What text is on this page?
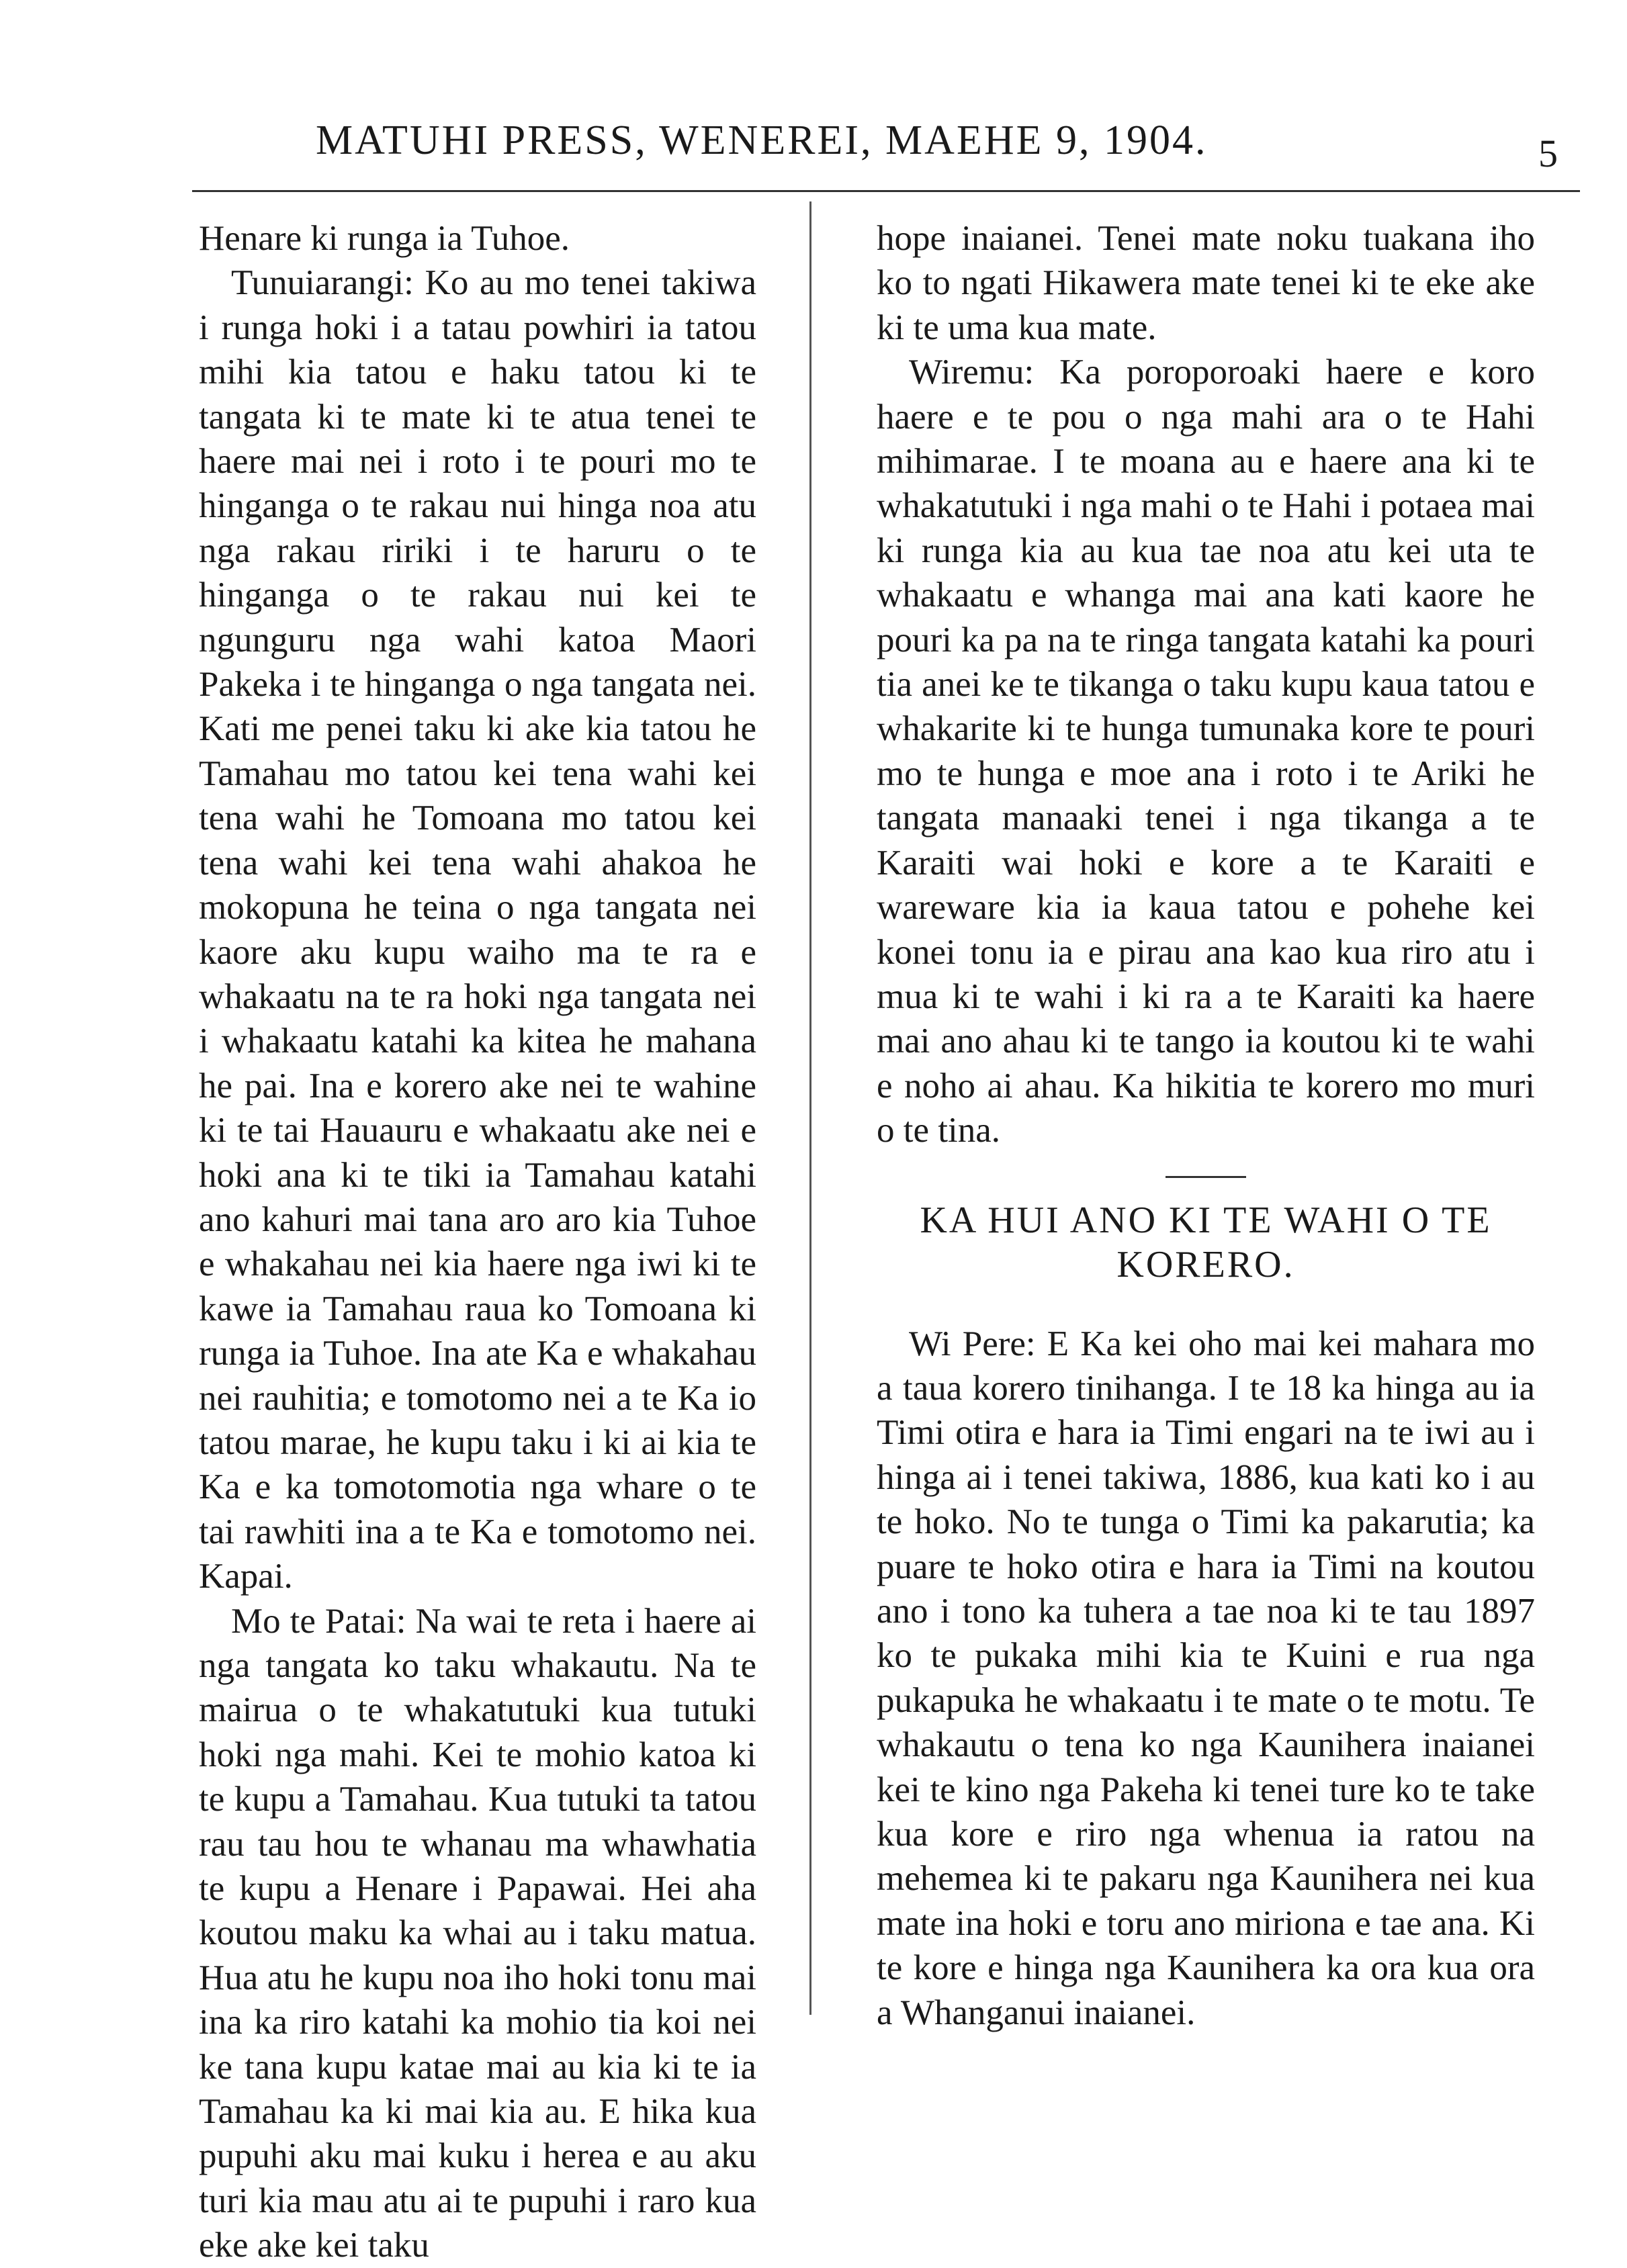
MATUHI PRESS, WENEREI, MAEHE 9, 1904.	5

Henare ki runga ia Tuhoe.

Tunuiarangi: Ko au mo tenei takiwa i runga hoki i a tatau powhiri ia tatou mihi kia tatou e haku tatou ki te tangata ki te mate ki te atua tenei te haere mai nei i roto i te pouri mo te hinganga o te rakau nui hinga noa atu nga rakau ririki i te haruru o te hinganga o te rakau nui kei te ngunguru nga wahi katoa Maori Pakeka i te hinganga o nga tangata nei. Kati me penei taku ki ake kia tatou he Tamahau mo tatou kei tena wahi kei tena wahi he Tomoana mo tatou kei tena wahi kei tena wahi ahakoa he mokopuna he teina o nga tangata nei kaore aku kupu waiho ma te ra e whakaatu na te ra hoki nga tangata nei i whakaatu katahi ka kitea he mahana he pai. Ina e korero ake nei te wahine ki te tai Hauauru e whakaatu ake nei e hoki ana ki te tiki ia Tamahau katahi ano kahuri mai tana aro aro kia Tuhoe e whakahau nei kia haere nga iwi ki te kawe ia Tamahau raua ko Tomoana ki runga ia Tuhoe. Ina ate Ka e whakahau nei rauhitia; e tomotomo nei a te Ka io tatou marae, he kupu taku i ki ai kia te Ka e ka tomotomotia nga whare o te tai rawhiti ina a te Ka e tomotomo nei. Kapai.

Mo te Patai: Na wai te reta i haere ai nga tangata ko taku whakautu. Na te mairua o te whakatutuki kua tutuki hoki nga mahi. Kei te mohio katoa ki te kupu a Tamahau. Kua tutuki ta tatou rau tau hou te whanau ma whawhatia te kupu a Henare i Papawai. Hei aha koutou maku ka whai au i taku matua. Hua atu he kupu noa iho hoki tonu mai ina ka riro katahi ka mohio tia koi nei ke tana kupu katae mai au kia ki te ia Tamahau ka ki mai kia au. E hika kua pupuhi aku mai kuku i herea e au aku turi kia mau atu ai te pupuhi i raro kua eke ake kei taku

hope inaianei. Tenei mate noku tuakana iho ko to ngati Hikawera mate tenei ki te eke ake ki te uma kua mate.

Wiremu: Ka poroporoaki haere e koro haere e te pou o nga mahi ara o te Hahi mihimarae. I te moana au e haere ana ki te whakatutuki i nga mahi o te Hahi i potaea mai ki runga kia au kua tae noa atu kei uta te whakaatu e whanga mai ana kati kaore he pouri ka pa na te ringa tangata katahi ka pouri tia anei ke te tikanga o taku kupu kaua tatou e whakarite ki te hunga tumunaka kore te pouri mo te hunga e moe ana i roto i te Ariki he tangata manaaki tenei i nga tikanga a te Karaiti wai hoki e kore a te Karaiti e wareware kia ia kaua tatou e pohehe kei konei tonu ia e pirau ana kao kua riro atu i mua ki te wahi i ki ra a te Karaiti ka haere mai ano ahau ki te tango ia koutou ki te wahi e noho ai ahau. Ka hikitia te korero mo muri o te tina.

KA HUI ANO KI TE WAHI O TE KORERO.

Wi Pere: E Ka kei oho mai kei mahara mo a taua korero tinihanga. I te 18 ka hinga au ia Timi otira e hara ia Timi engari na te iwi au i hinga ai i tenei takiwa, 1886, kua kati ko i au te hoko. No te tunga o Timi ka pakarutia; ka puare te hoko otira e hara ia Timi na koutou ano i tono ka tuhera a tae noa ki te tau 1897 ko te pukaka mihi kia te Kuini e rua nga pukapuka he whakaatu i te mate o te motu. Te whakautu o tena ko nga Kaunihera inaianei kei te kino nga Pakeha ki tenei ture ko te take kua kore e riro nga whenua ia ratou na mehemea ki te pakaru nga Kaunihera nei kua mate ina hoki e toru ano miriona e tae ana. Ki te kore e hinga nga Kaunihera ka ora kua ora a Whanganui inaianei.
